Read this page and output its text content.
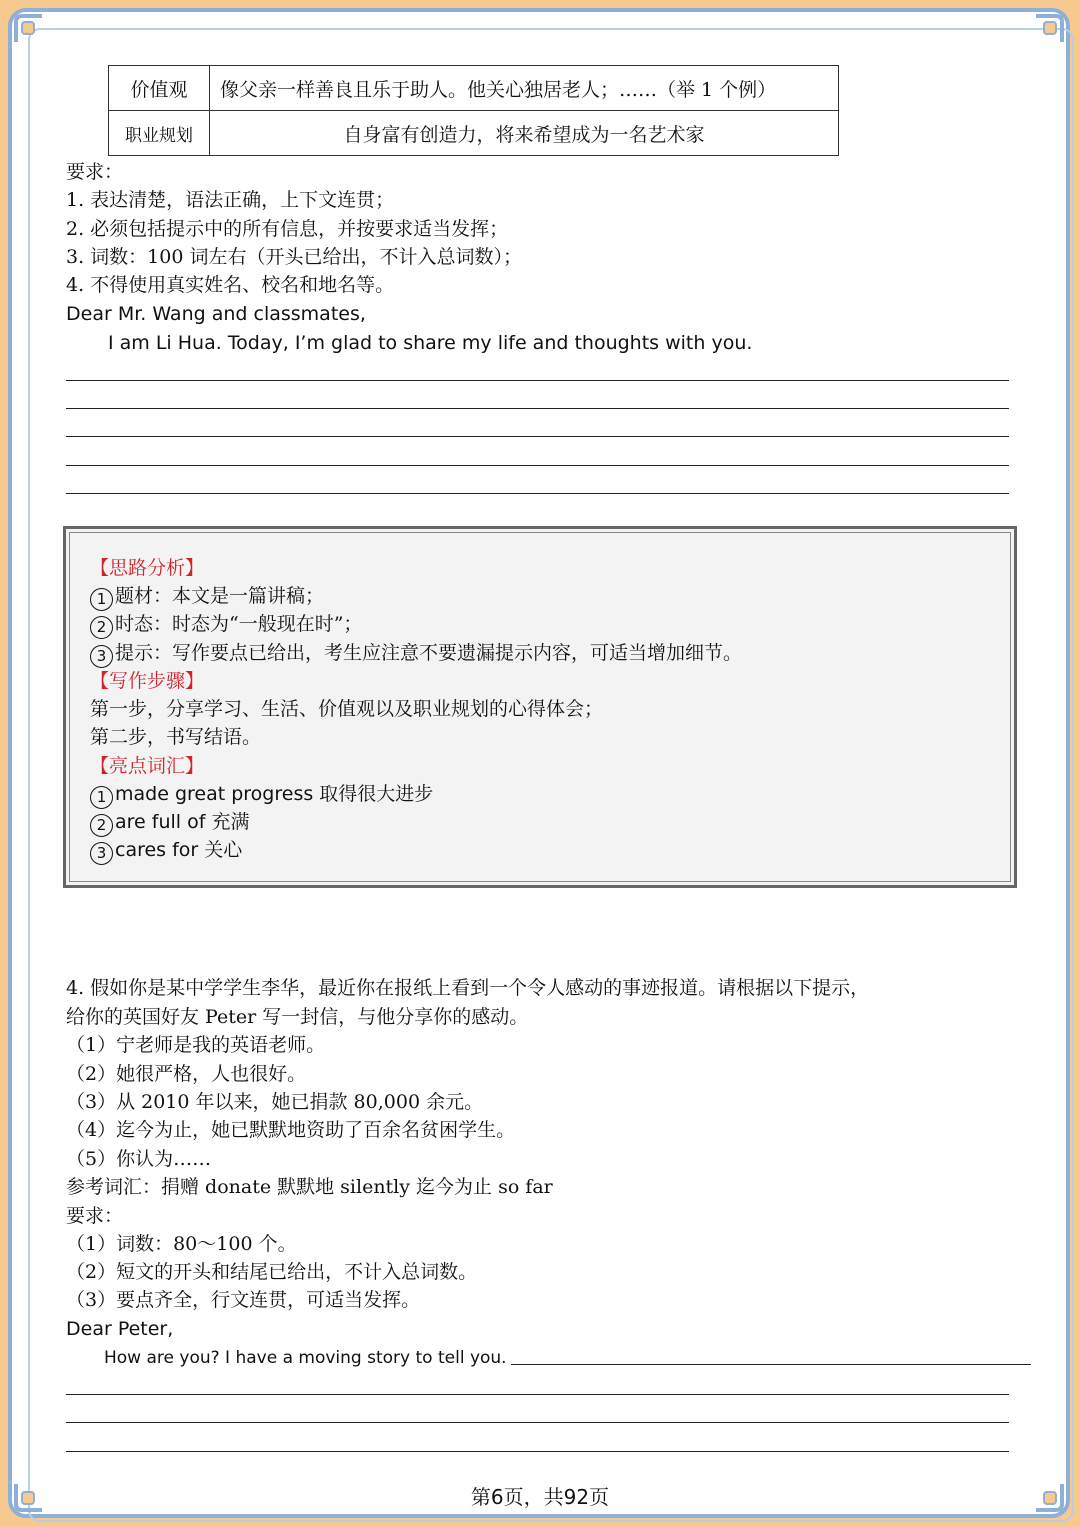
价值观	像父亲一样善良且乐于助人。他关心独居老人；……（举 1 个例）
职业规划	自身富有创造力，将来希望成为一名艺术家
要求：
1. 表达清楚，语法正确，上下文连贯；
2. 必须包括提示中的所有信息，并按要求适当发挥；
3. 词数：100 词左右（开头已给出，不计入总词数）；
4. 不得使用真实姓名、校名和地名等。
Dear Mr. Wang and classmates,
I am Li Hua. Today, I’m glad to share my life and thoughts with you.
【思路分析】
1 题材：本文是一篇讲稿；
2 时态：时态为“一般现在时”；
3 提示：写作要点已给出，考生应注意不要遗漏提示内容，可适当增加细节。
【写作步骤】
第一步，分享学习、生活、价值观以及职业规划的心得体会；
第二步，书写结语。
【亮点词汇】
1 made great progress 取得很大进步
2 are full of 充满
3 cares for 关心
4. 假如你是某中学学生李华，最近你在报纸上看到一个令人感动的事迹报道。请根据以下提示，
给你的英国好友 Peter 写一封信，与他分享你的感动。
（1）宁老师是我的英语老师。
（2）她很严格，人也很好。
（3）从 2010 年以来，她已捐款 80,000 余元。
（4）迄今为止，她已默默地资助了百余名贫困学生。
（5）你认为……
参考词汇：捐赠 donate 默默地 silently 迄今为止 so far
要求：
（1）词数：80～100 个。
（2）短文的开头和结尾已给出，不计入总词数。
（3）要点齐全，行文连贯，可适当发挥。
Dear Peter,
How are you? I have a moving story to tell you.
第6页，共92页
